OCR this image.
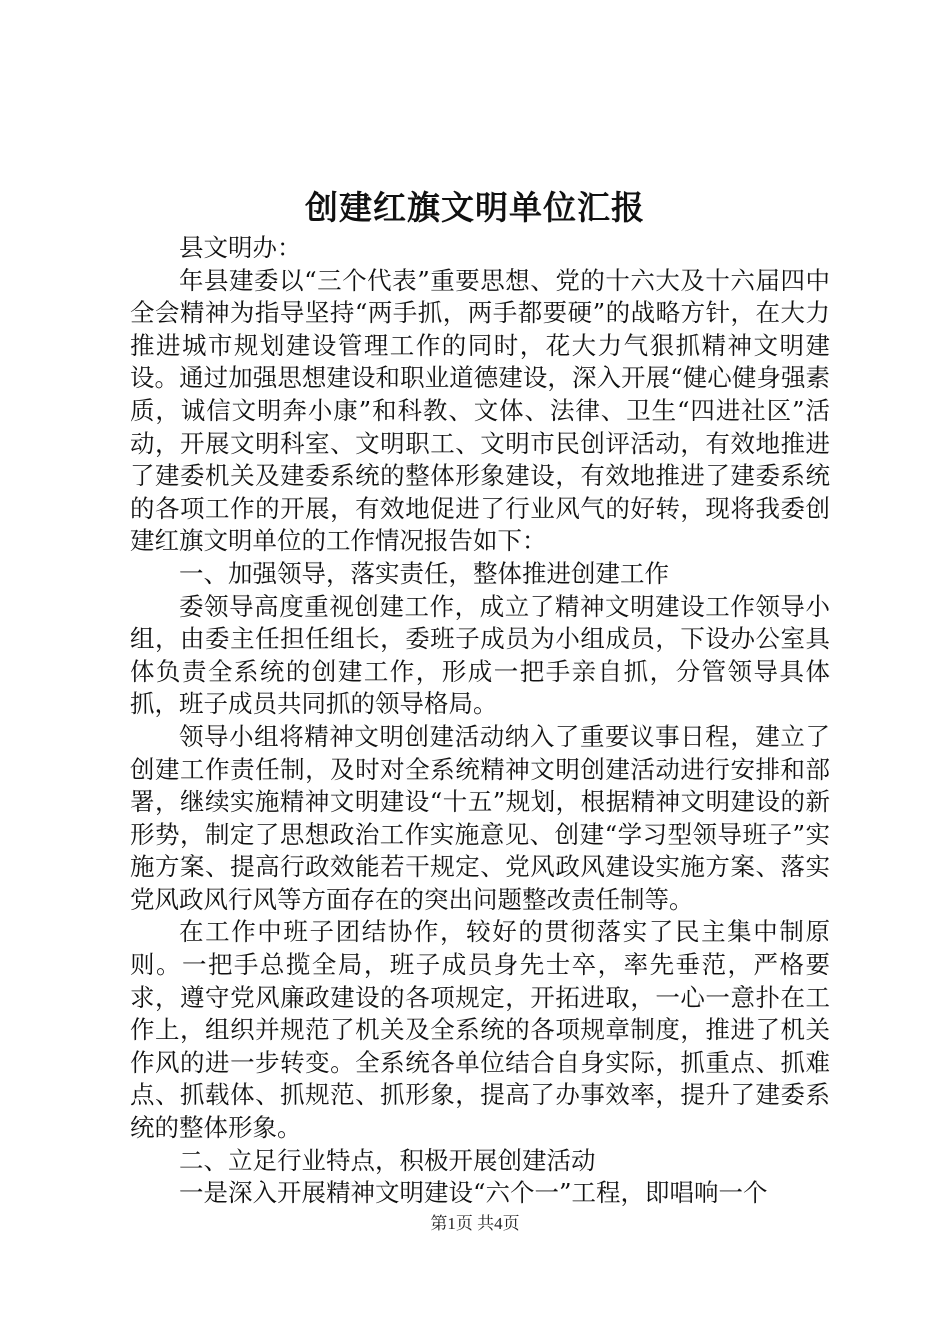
创建红旗文明单位汇报

县文明办：

年县建委以“三个代表”重要思想、党的十六大及十六届四中全会精神为指导坚持“两手抓，两手都要硬”的战略方针，在大力推进城市规划建设管理工作的同时，花大力气狠抓精神文明建设。通过加强思想建设和职业道德建设，深入开展“健心健身强素质，诚信文明奔小康”和科教、文体、法律、卫生“四进社区”活动，开展文明科室、文明职工、文明市民创评活动，有效地推进了建委机关及建委系统的整体形象建设，有效地推进了建委系统的各项工作的开展，有效地促进了行业风气的好转，现将我委创建红旗文明单位的工作情况报告如下：

一、加强领导，落实责任，整体推进创建工作

委领导高度重视创建工作，成立了精神文明建设工作领导小组，由委主任担任组长，委班子成员为小组成员，下设办公室具体负责全系统的创建工作，形成一把手亲自抓，分管领导具体抓，班子成员共同抓的领导格局。

领导小组将精神文明创建活动纳入了重要议事日程，建立了创建工作责任制，及时对全系统精神文明创建活动进行安排和部署，继续实施精神文明建设“十五”规划，根据精神文明建设的新形势，制定了思想政治工作实施意见、创建“学习型领导班子”实施方案、提高行政效能若干规定、党风政风建设实施方案、落实党风政风行风等方面存在的突出问题整改责任制等。

在工作中班子团结协作，较好的贯彻落实了民主集中制原则。一把手总揽全局，班子成员身先士卒，率先垂范，严格要求，遵守党风廉政建设的各项规定，开拓进取，一心一意扑在工作上，组织并规范了机关及全系统的各项规章制度，推进了机关作风的进一步转变。全系统各单位结合自身实际，抓重点、抓难点、抓载体、抓规范、抓形象，提高了办事效率，提升了建委系统的整体形象。

二、立足行业特点，积极开展创建活动

一是深入开展精神文明建设“六个一”工程，即唱响一个

第1页 共4页
